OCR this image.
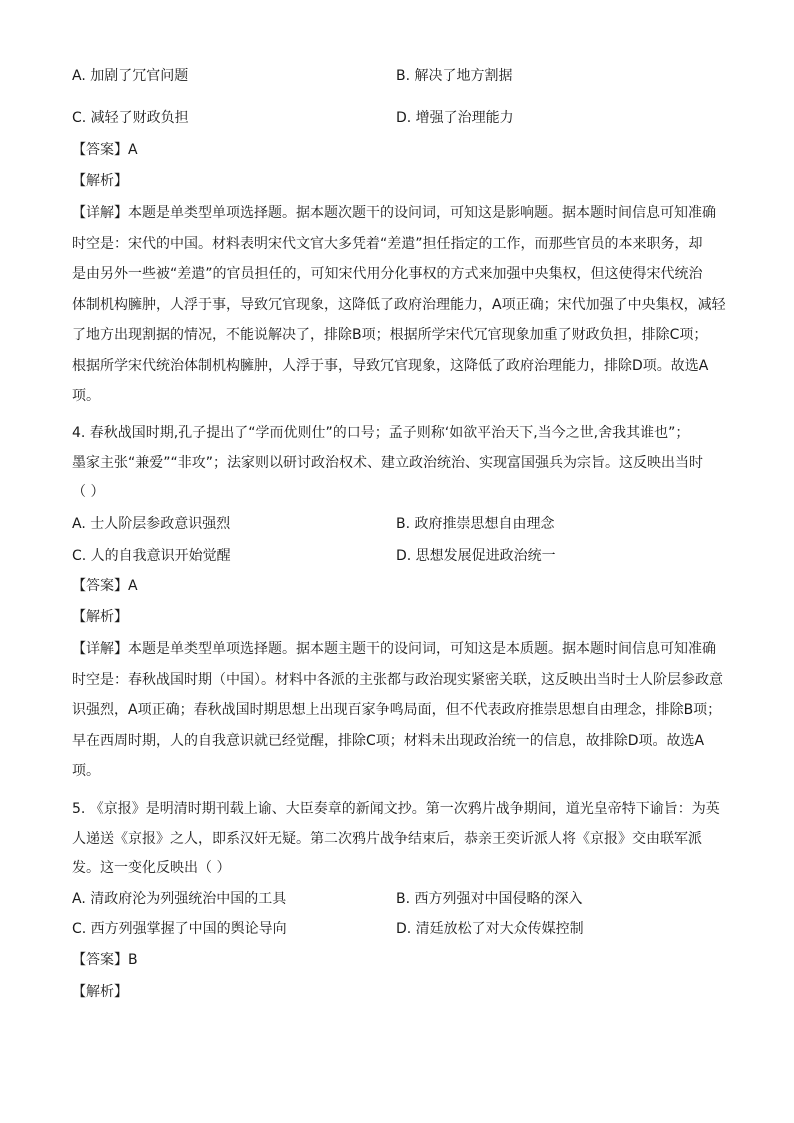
A. 加剧了冗官问题	B. 解决了地方割据
C. 减轻了财政负担	D. 增强了治理能力
【答案】A
【解析】
【详解】本题是单类型单项选择题。据本题次题干的设问词，可知这是影响题。据本题时间信息可知准确
时空是：宋代的中国。材料表明宋代文官大多凭着“差遣”担任指定的工作，而那些官员的本来职务，却
是由另外一些被“差遣”的官员担任的，可知宋代用分化事权的方式来加强中央集权，但这使得宋代统治
体制机构臃肿，人浮于事，导致冗官现象，这降低了政府治理能力，A项正确；宋代加强了中央集权，减轻
了地方出现割据的情况，不能说解决了，排除B项；根据所学宋代冗官现象加重了财政负担，排除C项；
根据所学宋代统治体制机构臃肿，人浮于事，导致冗官现象，这降低了政府治理能力，排除D项。故选A
项。
4. 春秋战国时期,孔子提出了“学而优则仕”的口号；孟子则称‘如欲平治天下,当今之世,舍我其谁也”；
墨家主张“兼爱”“非攻”；法家则以研讨政治权术、建立政治统治、实现富国强兵为宗旨。这反映出当时
（ ）
A. 士人阶层参政意识强烈	B. 政府推崇思想自由理念
C. 人的自我意识开始觉醒	D. 思想发展促进政治统一
【答案】A
【解析】
【详解】本题是单类型单项选择题。据本题主题干的设问词，可知这是本质题。据本题时间信息可知准确
时空是：春秋战国时期（中国）。材料中各派的主张都与政治现实紧密关联，这反映出当时士人阶层参政意
识强烈，A项正确；春秋战国时期思想上出现百家争鸣局面，但不代表政府推崇思想自由理念，排除B项；
早在西周时期，人的自我意识就已经觉醒，排除C项；材料未出现政治统一的信息，故排除D项。故选A
项。
5. 《京报》是明清时期刊载上谕、大臣奏章的新闻文抄。第一次鸦片战争期间，道光皇帝特下谕旨：为英
人递送《京报》之人，即系汉奸无疑。第二次鸦片战争结束后，恭亲王奕䜣派人将《京报》交由联军派
发。这一变化反映出（ ）
A. 清政府沦为列强统治中国的工具	B. 西方列强对中国侵略的深入
C. 西方列强掌握了中国的舆论导向	D. 清廷放松了对大众传媒控制
【答案】B
【解析】
